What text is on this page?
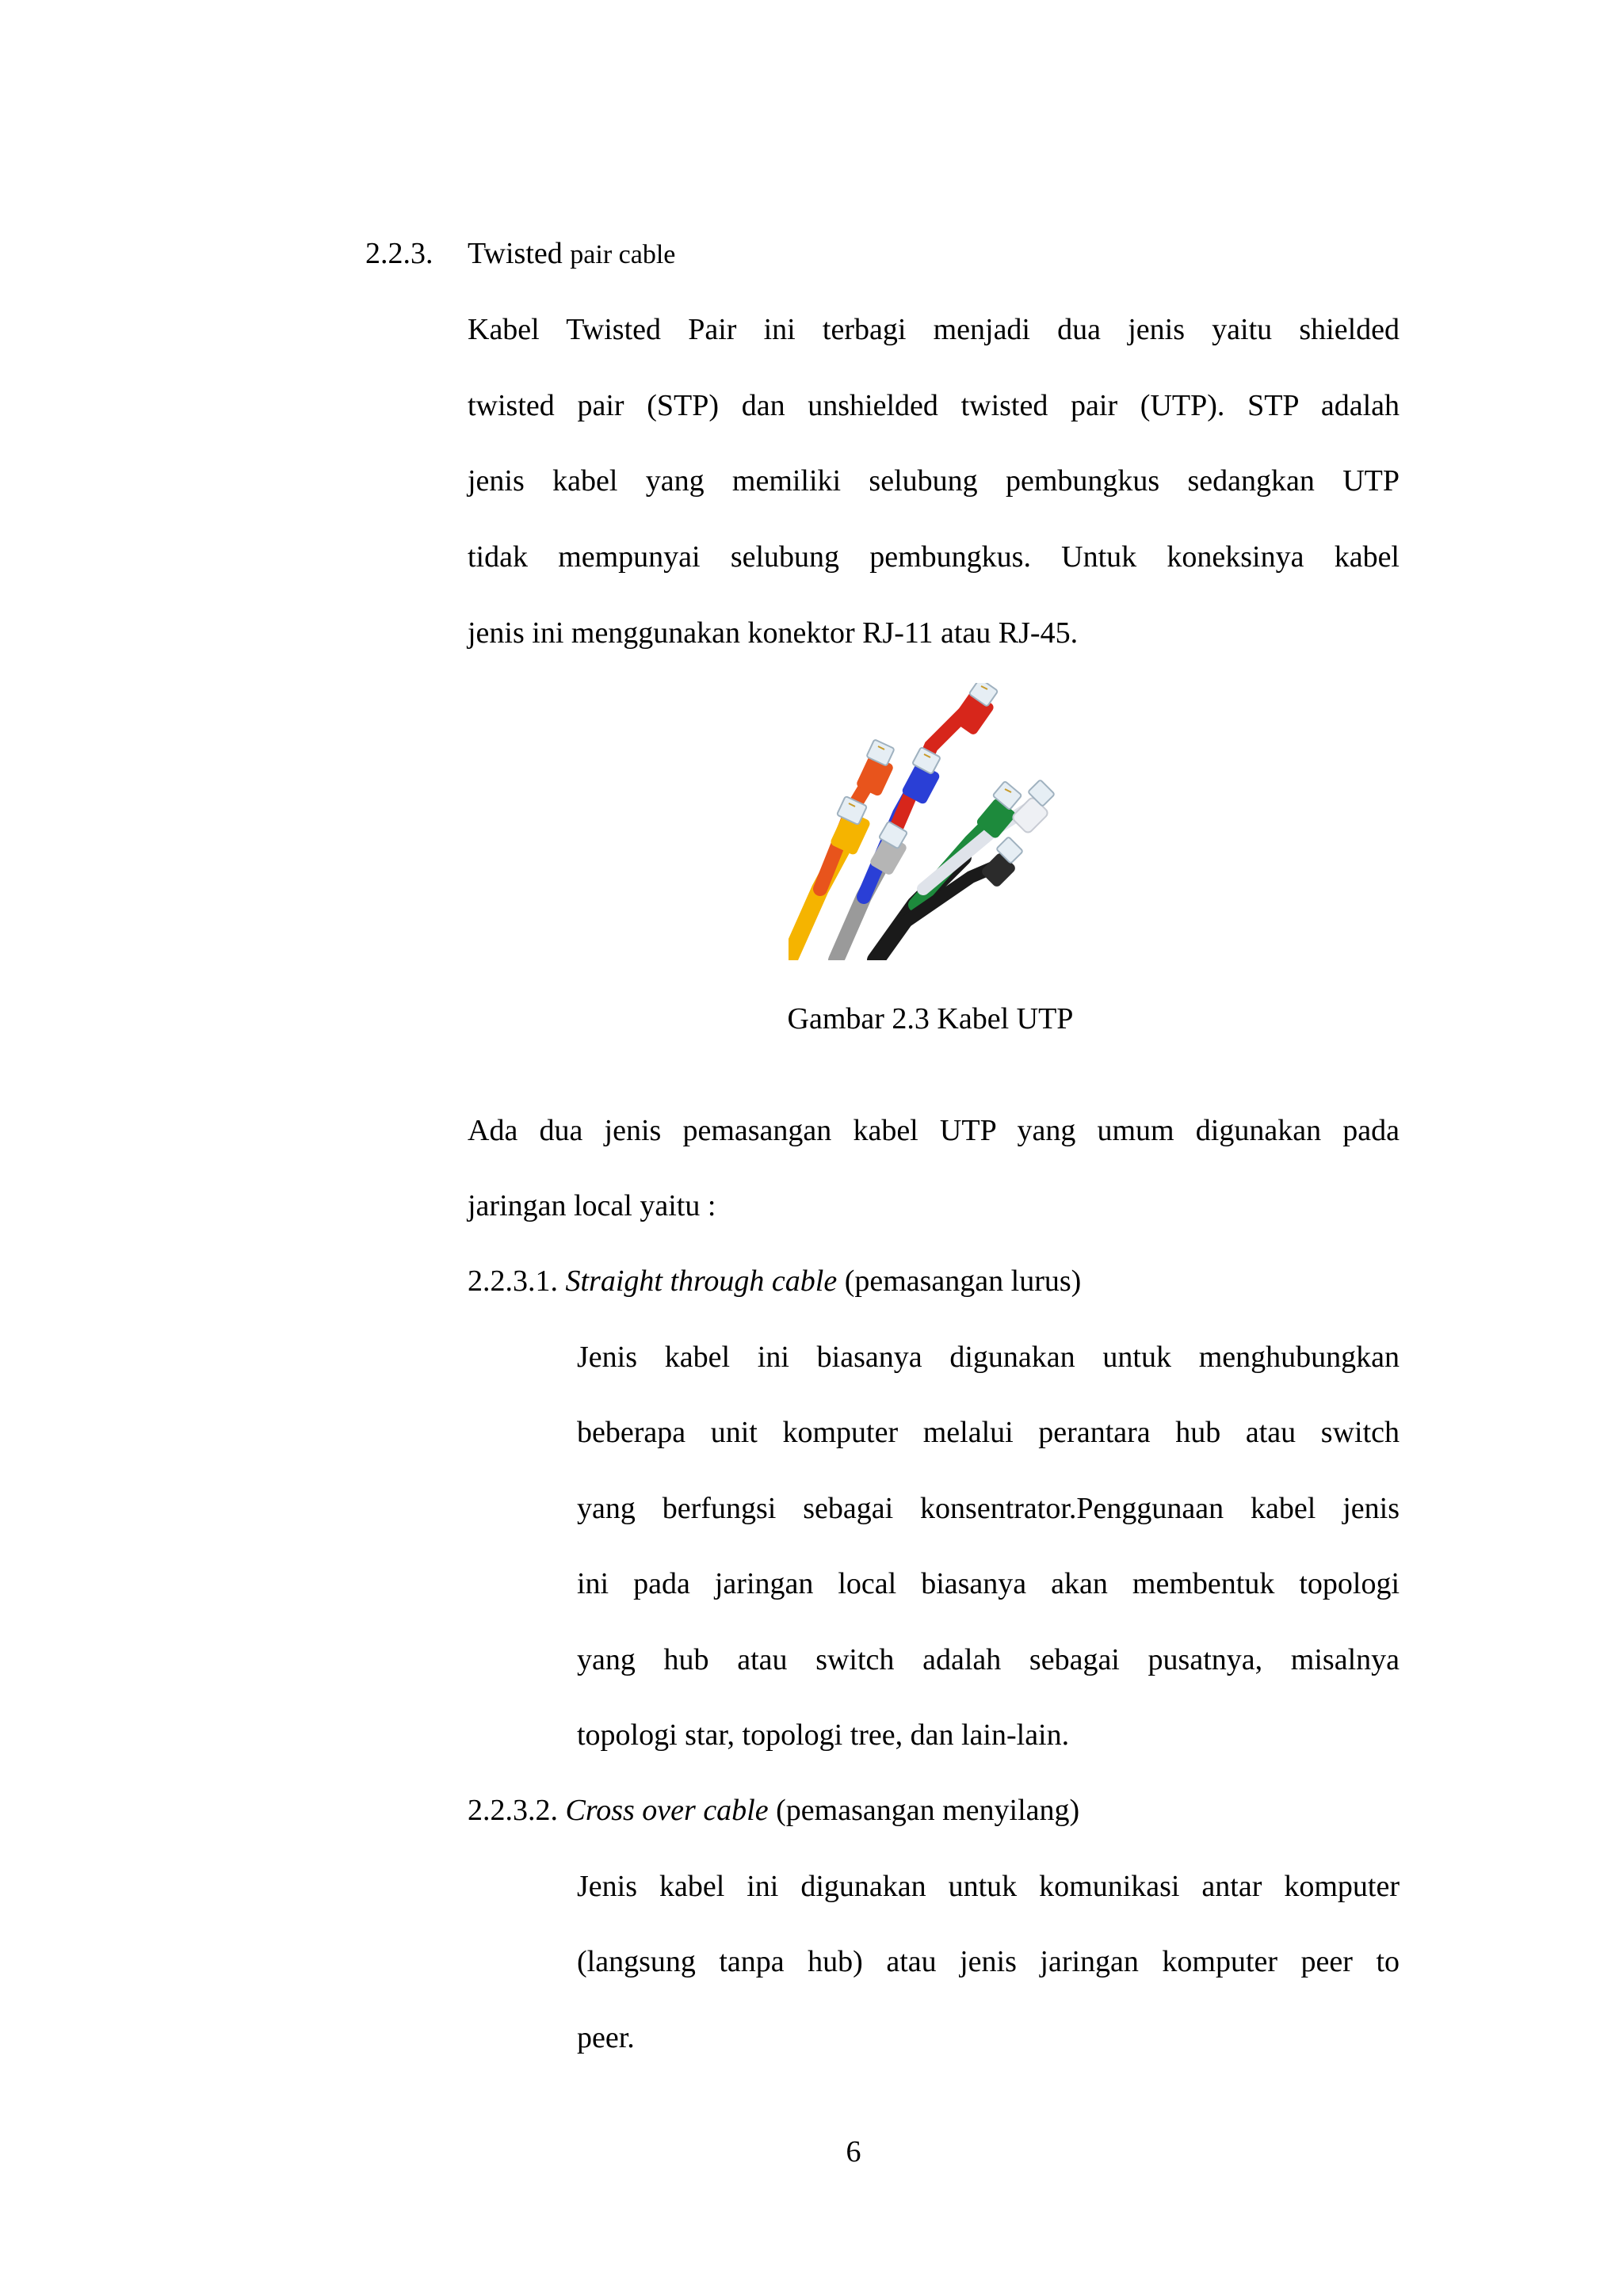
2.2.3. Twisted pair cable
Kabel Twisted Pair ini terbagi menjadi dua jenis yaitu shielded
twisted pair (STP) dan unshielded twisted pair (UTP). STP adalah
jenis kabel yang memiliki selubung pembungkus sedangkan UTP
tidak mempunyai selubung pembungkus. Untuk koneksinya kabel
jenis ini menggunakan konektor RJ-11 atau RJ-45.
Gambar 2.3 Kabel UTP
Ada dua jenis pemasangan kabel UTP yang umum digunakan pada
jaringan local yaitu :
2.2.3.1. Straight through cable (pemasangan lurus)
Jenis kabel ini biasanya digunakan untuk menghubungkan
beberapa unit komputer melalui perantara hub atau switch
yang berfungsi sebagai konsentrator.Penggunaan kabel jenis
ini pada jaringan local biasanya akan membentuk topologi
yang hub atau switch adalah sebagai pusatnya, misalnya
topologi star, topologi tree, dan lain-lain.
2.2.3.2. Cross over cable (pemasangan menyilang)
Jenis kabel ini digunakan untuk komunikasi antar komputer
(langsung tanpa hub) atau jenis jaringan komputer peer to
peer.
6
